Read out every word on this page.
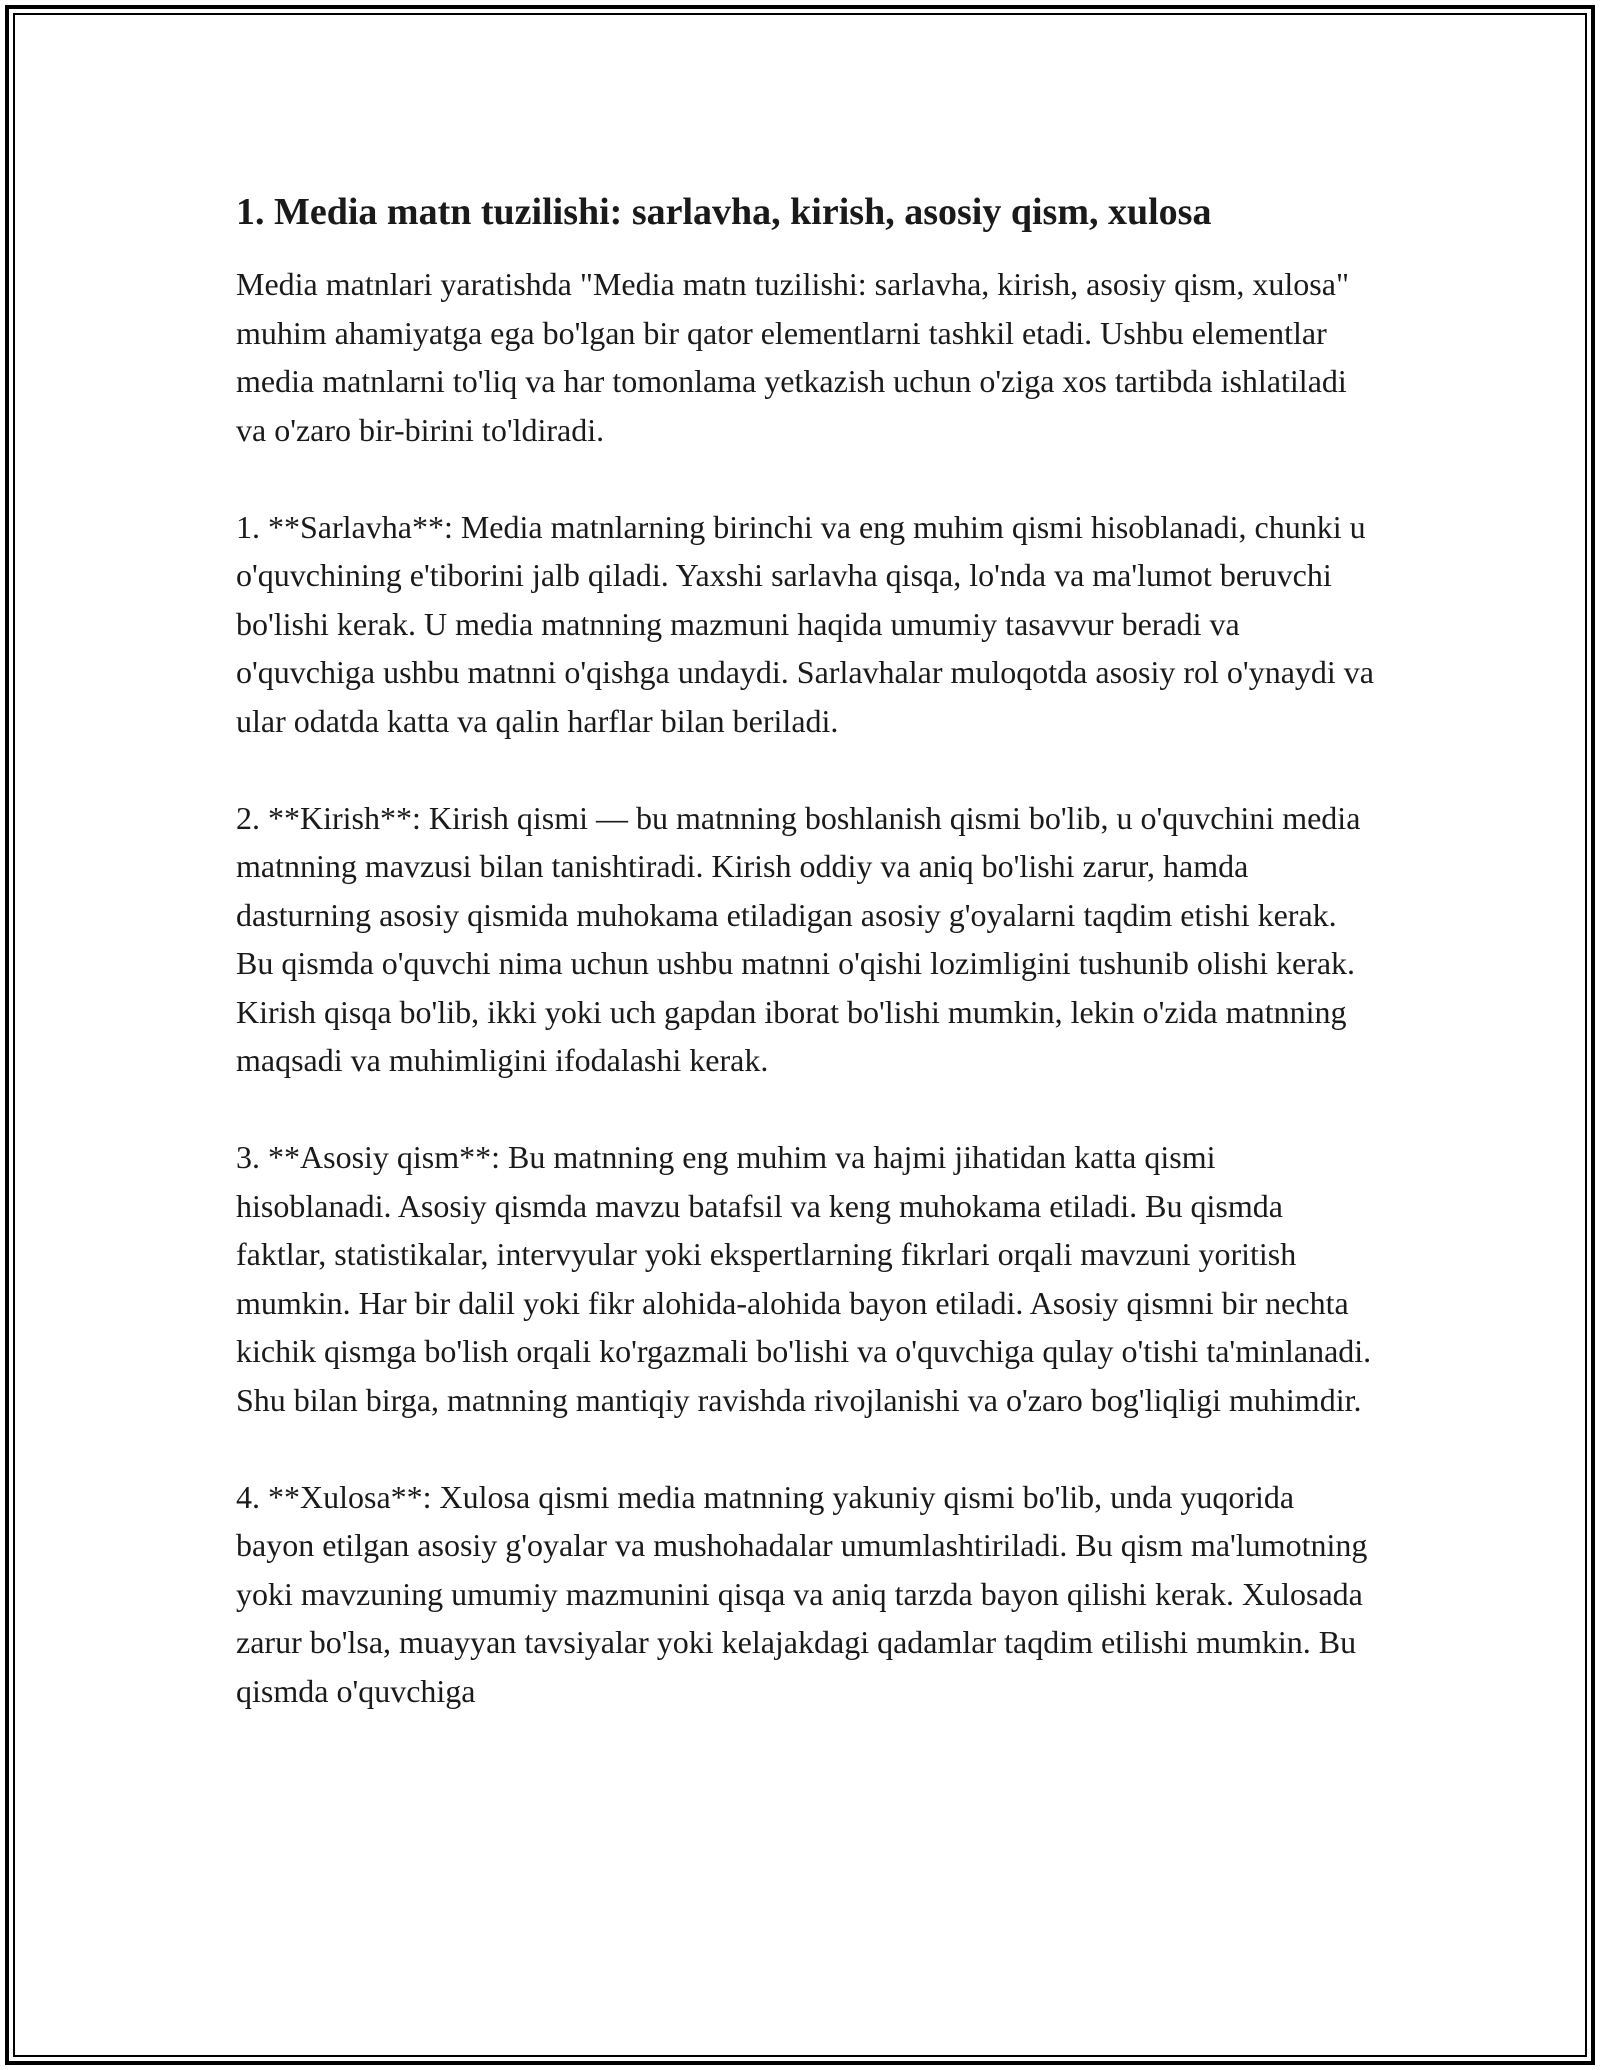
1. Media matn tuzilishi: sarlavha, kirish, asosiy qism, xulosa

Media matnlari yaratishda "Media matn tuzilishi: sarlavha, kirish, asosiy qism, xulosa" muhim ahamiyatga ega bo'lgan bir qator elementlarni tashkil etadi. Ushbu elementlar media matnlarni to'liq va har tomonlama yetkazish uchun o'ziga xos tartibda ishlatiladi va o'zaro bir-birini to'ldiradi.

1. **Sarlavha**: Media matnlarning birinchi va eng muhim qismi hisoblanadi, chunki u o'quvchining e'tiborini jalb qiladi. Yaxshi sarlavha qisqa, lo'nda va ma'lumot beruvchi bo'lishi kerak. U media matnning mazmuni haqida umumiy tasavvur beradi va o'quvchiga ushbu matnni o'qishga undaydi. Sarlavhalar muloqotda asosiy rol o'ynaydi va ular odatda katta va qalin harflar bilan beriladi.

2. **Kirish**: Kirish qismi — bu matnning boshlanish qismi bo'lib, u o'quvchini media matnning mavzusi bilan tanishtiradi. Kirish oddiy va aniq bo'lishi zarur, hamda dasturning asosiy qismida muhokama etiladigan asosiy g'oyalarni taqdim etishi kerak. Bu qismda o'quvchi nima uchun ushbu matnni o'qishi lozimligini tushunib olishi kerak. Kirish qisqa bo'lib, ikki yoki uch gapdan iborat bo'lishi mumkin, lekin o'zida matnning maqsadi va muhimligini ifodalashi kerak.

3. **Asosiy qism**: Bu matnning eng muhim va hajmi jihatidan katta qismi hisoblanadi. Asosiy qismda mavzu batafsil va keng muhokama etiladi. Bu qismda faktlar, statistikalar, intervyular yoki ekspertlarning fikrlari orqali mavzuni yoritish mumkin. Har bir dalil yoki fikr alohida-alohida bayon etiladi. Asosiy qismni bir nechta kichik qismga bo'lish orqali ko'rgazmali bo'lishi va o'quvchiga qulay o'tishi ta'minlanadi. Shu bilan birga, matnning mantiqiy ravishda rivojlanishi va o'zaro bog'liqligi muhimdir.

4. **Xulosa**: Xulosa qismi media matnning yakuniy qismi bo'lib, unda yuqorida bayon etilgan asosiy g'oyalar va mushohadalar umumlashtiriladi. Bu qism ma'lumotning yoki mavzuning umumiy mazmunini qisqa va aniq tarzda bayon qilishi kerak. Xulosada zarur bo'lsa, muayyan tavsiyalar yoki kelajakdagi qadamlar taqdim etilishi mumkin. Bu qismda o'quvchiga
